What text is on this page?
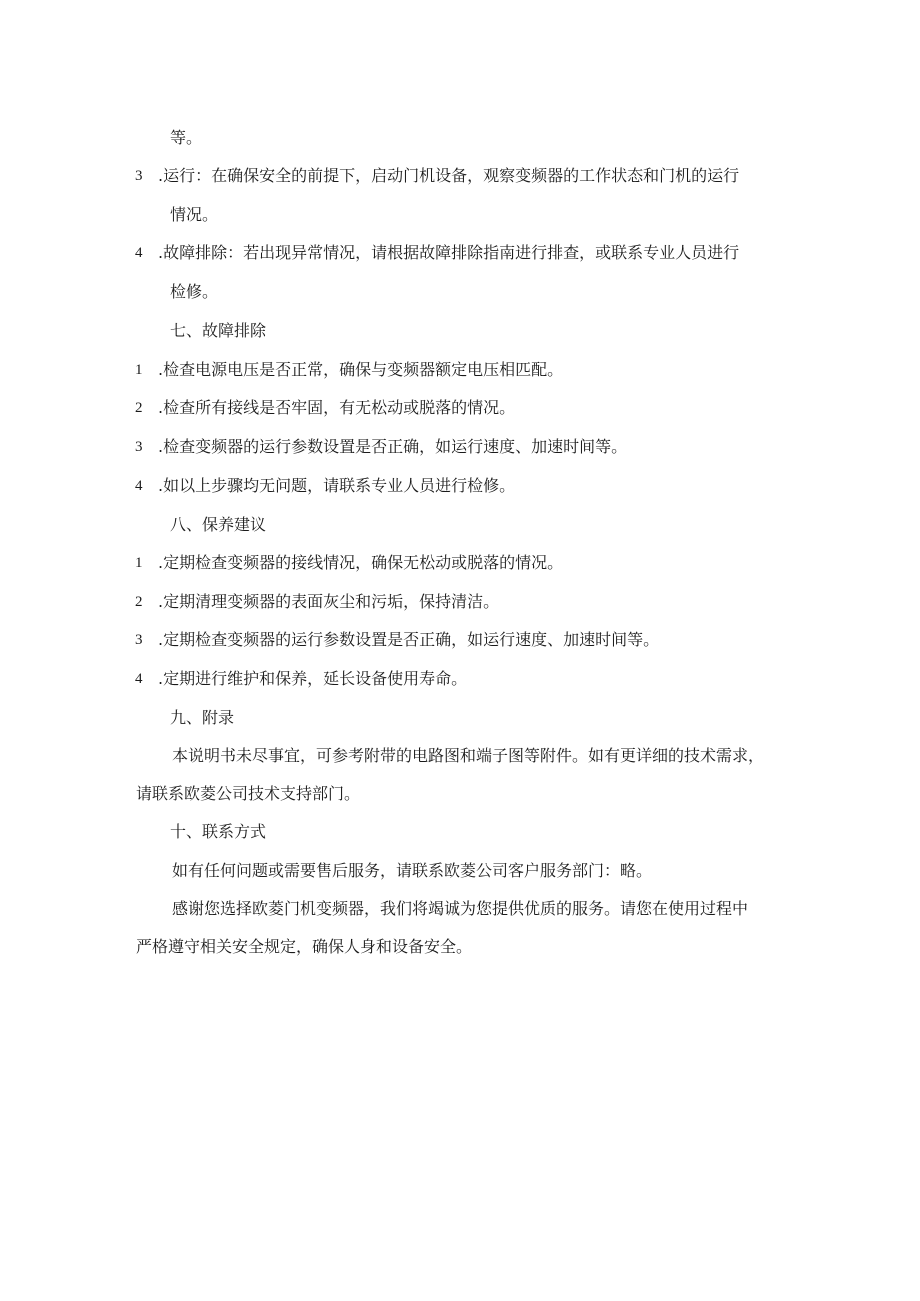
等。
3 .运行：在确保安全的前提下，启动门机设备，观察变频器的工作状态和门机的运行
情况。
4 .故障排除：若出现异常情况，请根据故障排除指南进行排查，或联系专业人员进行
检修。
七、故障排除
1 .检查电源电压是否正常，确保与变频器额定电压相匹配。
2 .检查所有接线是否牢固，有无松动或脱落的情况。
3 .检查变频器的运行参数设置是否正确，如运行速度、加速时间等。
4 .如以上步骤均无问题，请联系专业人员进行检修。
八、保养建议
1 .定期检查变频器的接线情况，确保无松动或脱落的情况。
2 .定期清理变频器的表面灰尘和污垢，保持清洁。
3 .定期检查变频器的运行参数设置是否正确，如运行速度、加速时间等。
4 .定期进行维护和保养，延长设备使用寿命。
九、附录
本说明书未尽事宜，可参考附带的电路图和端子图等附件。如有更详细的技术需求，
请联系欧菱公司技术支持部门。
十、联系方式
如有任何问题或需要售后服务，请联系欧菱公司客户服务部门：略。
感谢您选择欧菱门机变频器，我们将竭诚为您提供优质的服务。请您在使用过程中
严格遵守相关安全规定，确保人身和设备安全。
